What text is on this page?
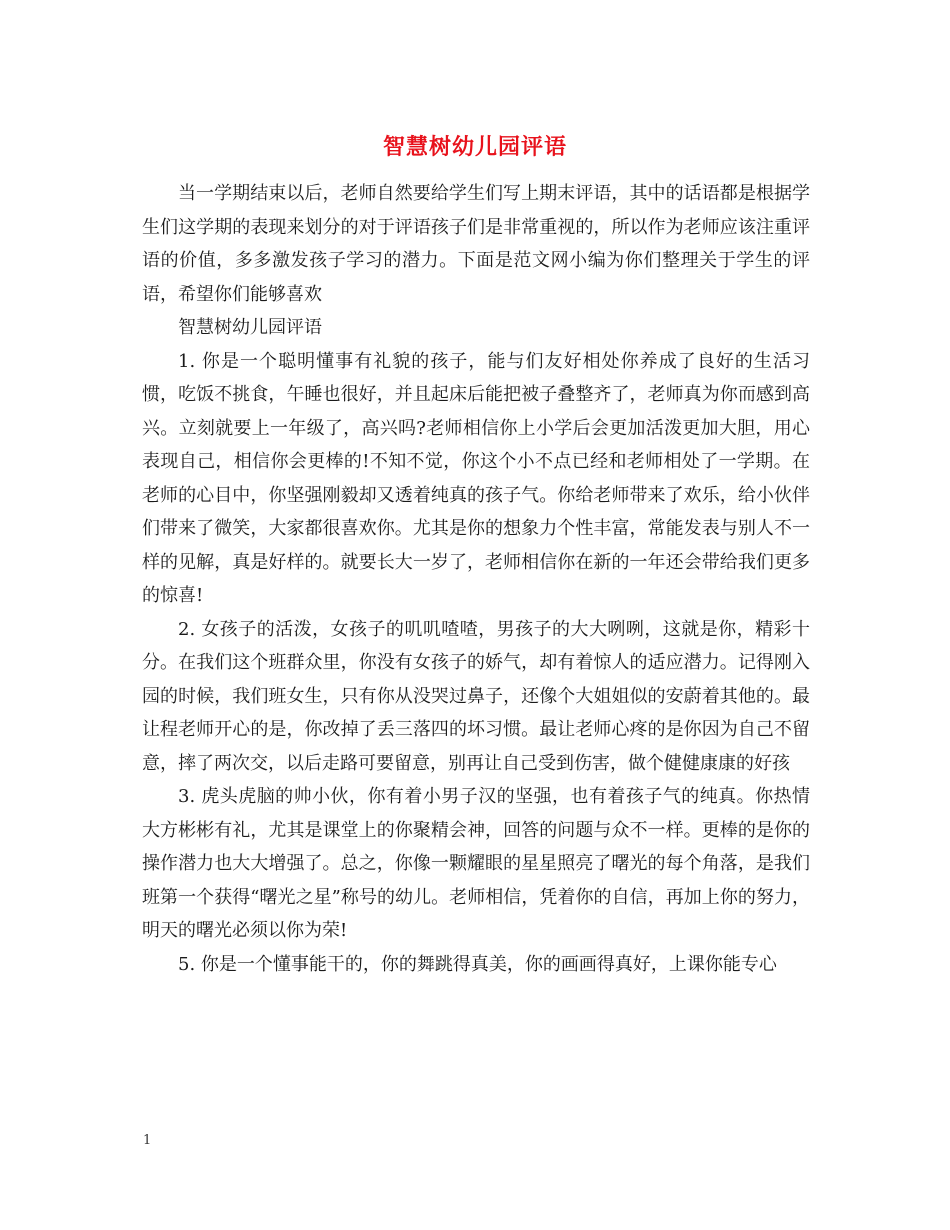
智慧树幼儿园评语

当一学期结束以后，老师自然要给学生们写上期末评语，其中的话语都是根据学生们这学期的表现来划分的对于评语孩子们是非常重视的，所以作为老师应该注重评语的价值，多多激发孩子学习的潜力。下面是范文网小编为你们整理关于学生的评语，希望你们能够喜欢

智慧树幼儿园评语

1. 你是一个聪明懂事有礼貌的孩子，能与们友好相处你养成了良好的生活习惯，吃饭不挑食，午睡也很好，并且起床后能把被子叠整齐了，老师真为你而感到高兴。立刻就要上一年级了，高兴吗?老师相信你上小学后会更加活泼更加大胆，用心表现自己，相信你会更棒的!不知不觉，你这个小不点已经和老师相处了一学期。在老师的心目中，你坚强刚毅却又透着纯真的孩子气。你给老师带来了欢乐，给小伙伴们带来了微笑，大家都很喜欢你。尤其是你的想象力个性丰富，常能发表与别人不一样的见解，真是好样的。就要长大一岁了，老师相信你在新的一年还会带给我们更多的惊喜!

2. 女孩子的活泼，女孩子的叽叽喳喳，男孩子的大大咧咧，这就是你，精彩十分。在我们这个班群众里，你没有女孩子的娇气，却有着惊人的适应潜力。记得刚入园的时候，我们班女生，只有你从没哭过鼻子，还像个大姐姐似的安蔚着其他的。最让程老师开心的是，你改掉了丢三落四的坏习惯。最让老师心疼的是你因为自己不留意，摔了两次交，以后走路可要留意，别再让自己受到伤害，做个健健康康的好孩

3. 虎头虎脑的帅小伙，你有着小男子汉的坚强，也有着孩子气的纯真。你热情大方彬彬有礼，尤其是课堂上的你聚精会神，回答的问题与众不一样。更棒的是你的操作潜力也大大增强了。总之，你像一颗耀眼的星星照亮了曙光的每个角落，是我们班第一个获得“曙光之星”称号的幼儿。老师相信，凭着你的自信，再加上你的努力，明天的曙光必须以你为荣!

5. 你是一个懂事能干的，你的舞跳得真美，你的画画得真好，上课你能专心

1
